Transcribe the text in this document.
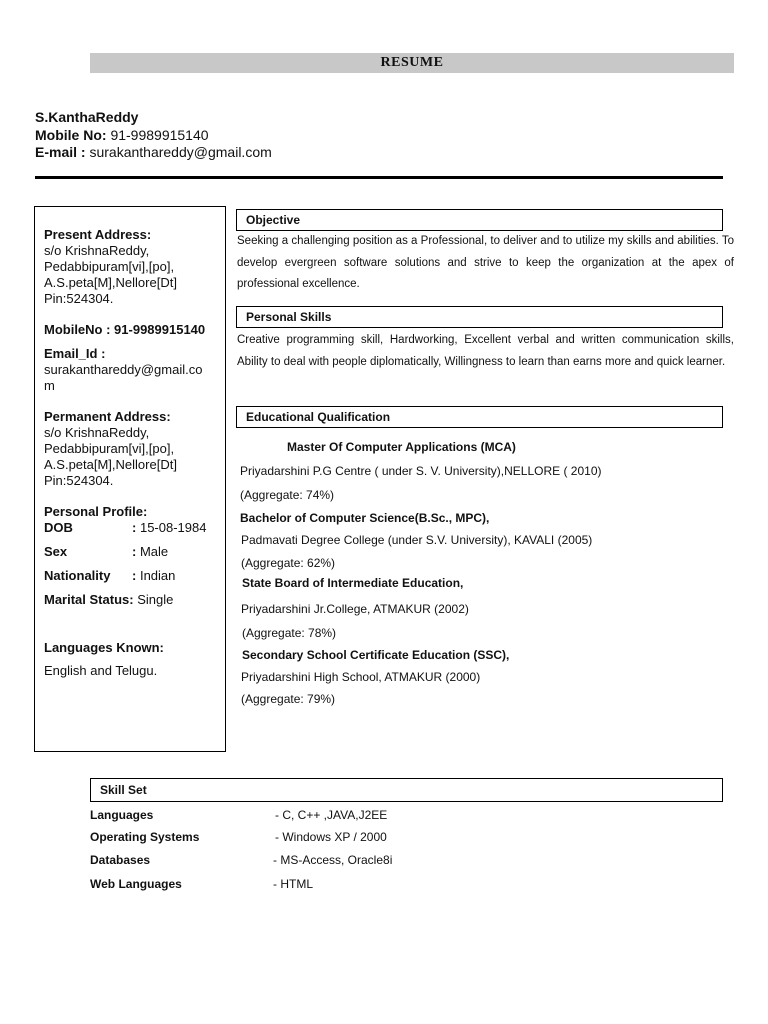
RESUME
S.KanthaReddy
Mobile No: 91-9989915140
E-mail : surakanthareddy@gmail.com
Present Address:
s/o KrishnaReddy,
Pedabbipuram[vi],[po],
A.S.peta[M],Nellore[Dt]
Pin:524304.
MobileNo : 91-9989915140
Email_Id :
surakanthareddy@gmail.co
m
Permanent Address:
s/o KrishnaReddy,
Pedabbipuram[vi],[po],
A.S.peta[M],Nellore[Dt]
Pin:524304.
Personal Profile:
DOB	: 15-08-1984
Sex	: Male
Nationality : Indian
Marital Status: Single
Languages Known:
English and Telugu.
Objective
Seeking a challenging position as a Professional, to deliver and to utilize my skills and abilities. To develop evergreen software solutions and strive to keep the organization at the apex of professional excellence.
Personal Skills
Creative programming skill, Hardworking, Excellent verbal and written communication skills, Ability to deal with people diplomatically, Willingness to learn than earns more and quick learner.
Educational Qualification
Master Of Computer Applications (MCA)
Priyadarshini P.G Centre ( under S. V. University),NELLORE ( 2010)
(Aggregate: 74%)
Bachelor of Computer Science(B.Sc., MPC),
Padmavati Degree College (under S.V. University), KAVALI (2005)
(Aggregate: 62%)
State Board of Intermediate Education,
Priyadarshini Jr.College, ATMAKUR (2002)
(Aggregate: 78%)
Secondary School Certificate Education (SSC),
Priyadarshini High School, ATMAKUR (2000)
(Aggregate: 79%)
Skill Set
Languages	- C, C++ ,JAVA,J2EE
Operating Systems	- Windows XP / 2000
Databases	- MS-Access, Oracle8i
Web Languages	- HTML
